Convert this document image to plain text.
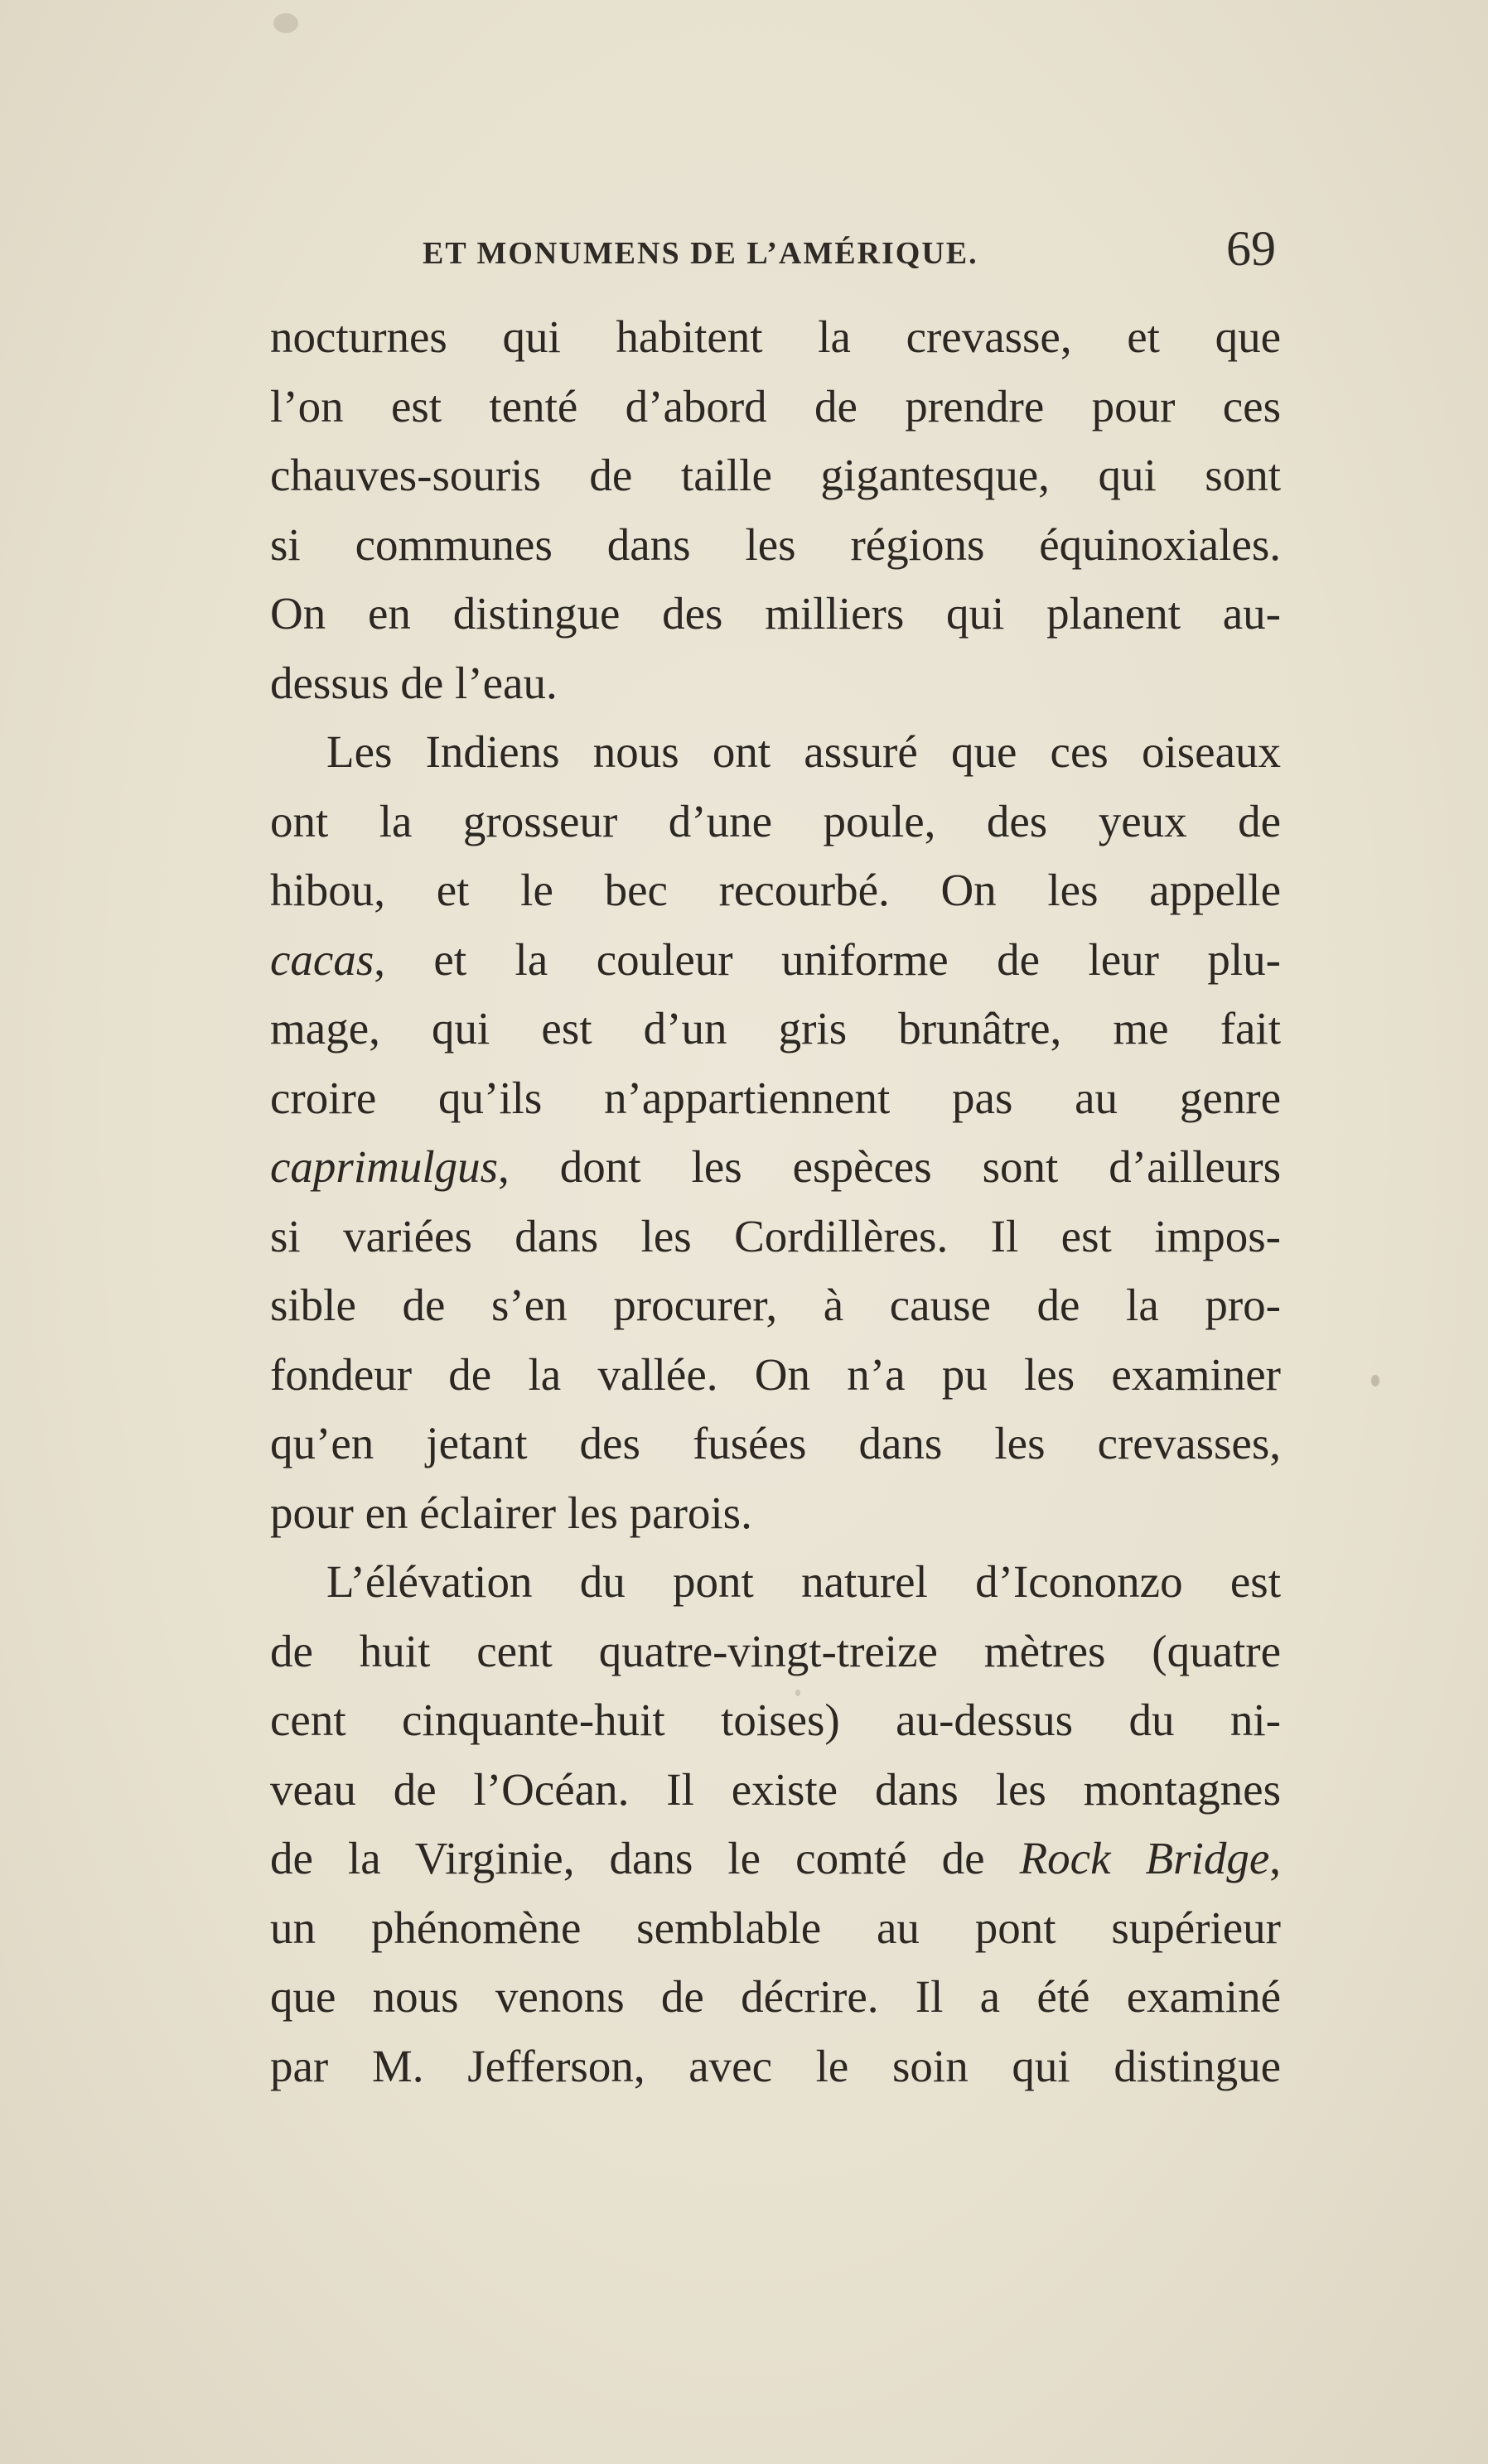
ET MONUMENS DE L’AMÉRIQUE.	69
nocturnes qui habitent la crevasse, et que
l’on est tenté d’abord de prendre pour ces
chauves-souris de taille gigantesque, qui sont
si communes dans les régions équinoxiales.
On en distingue des milliers qui planent au-
dessus de l’eau.
Les Indiens nous ont assuré que ces oiseaux
ont la grosseur d’une poule, des yeux de
hibou, et le bec recourbé. On les appelle
cacas, et la couleur uniforme de leur plu-
mage, qui est d’un gris brunâtre, me fait
croire qu’ils n’appartiennent pas au genre
caprimulgus, dont les espèces sont d’ailleurs
si variées dans les Cordillères. Il est impos-
sible de s’en procurer, à cause de la pro-
fondeur de la vallée. On n’a pu les examiner
qu’en jetant des fusées dans les crevasses,
pour en éclairer les parois.
L’élévation du pont naturel d’Icononzo est
de huit cent quatre-vingt-treize mètres (quatre
cent cinquante-huit toises) au-dessus du ni-
veau de l’Océan. Il existe dans les montagnes
de la Virginie, dans le comté de Rock Bridge,
un phénomène semblable au pont supérieur
que nous venons de décrire. Il a été examiné
par M. Jefferson, avec le soin qui distingue
